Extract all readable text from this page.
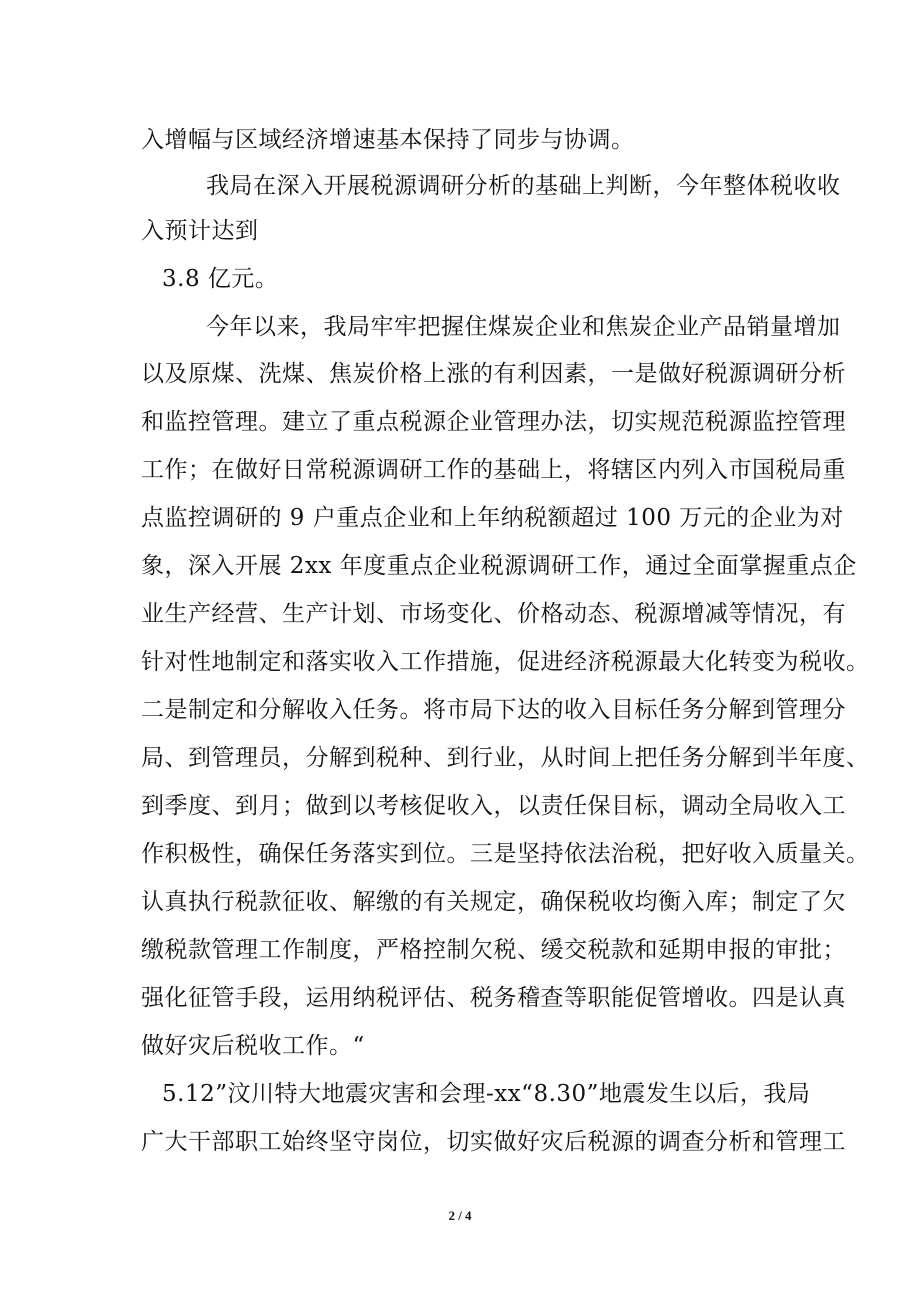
入增幅与区域经济增速基本保持了同步与协调。
我局在深入开展税源调研分析的基础上判断，今年整体税收收
入预计达到
3.8 亿元。
今年以来，我局牢牢把握住煤炭企业和焦炭企业产品销量增加
以及原煤、洗煤、焦炭价格上涨的有利因素，一是做好税源调研分析
和监控管理。建立了重点税源企业管理办法，切实规范税源监控管理
工作；在做好日常税源调研工作的基础上，将辖区内列入市国税局重
点监控调研的 9 户重点企业和上年纳税额超过 100 万元的企业为对
象，深入开展 2xx 年度重点企业税源调研工作，通过全面掌握重点企
业生产经营、生产计划、市场变化、价格动态、税源增减等情况，有
针对性地制定和落实收入工作措施，促进经济税源最大化转变为税收。
二是制定和分解收入任务。将市局下达的收入目标任务分解到管理分
局、到管理员，分解到税种、到行业，从时间上把任务分解到半年度、
到季度、到月；做到以考核促收入，以责任保目标，调动全局收入工
作积极性，确保任务落实到位。三是坚持依法治税，把好收入质量关。
认真执行税款征收、解缴的有关规定，确保税收均衡入库；制定了欠
缴税款管理工作制度，严格控制欠税、缓交税款和延期申报的审批；
强化征管手段，运用纳税评估、税务稽查等职能促管增收。四是认真
做好灾后税收工作。“
5.12”汶川特大地震灾害和会理-xx“8.30”地震发生以后，我局
广大干部职工始终坚守岗位，切实做好灾后税源的调查分析和管理工
2 / 4
